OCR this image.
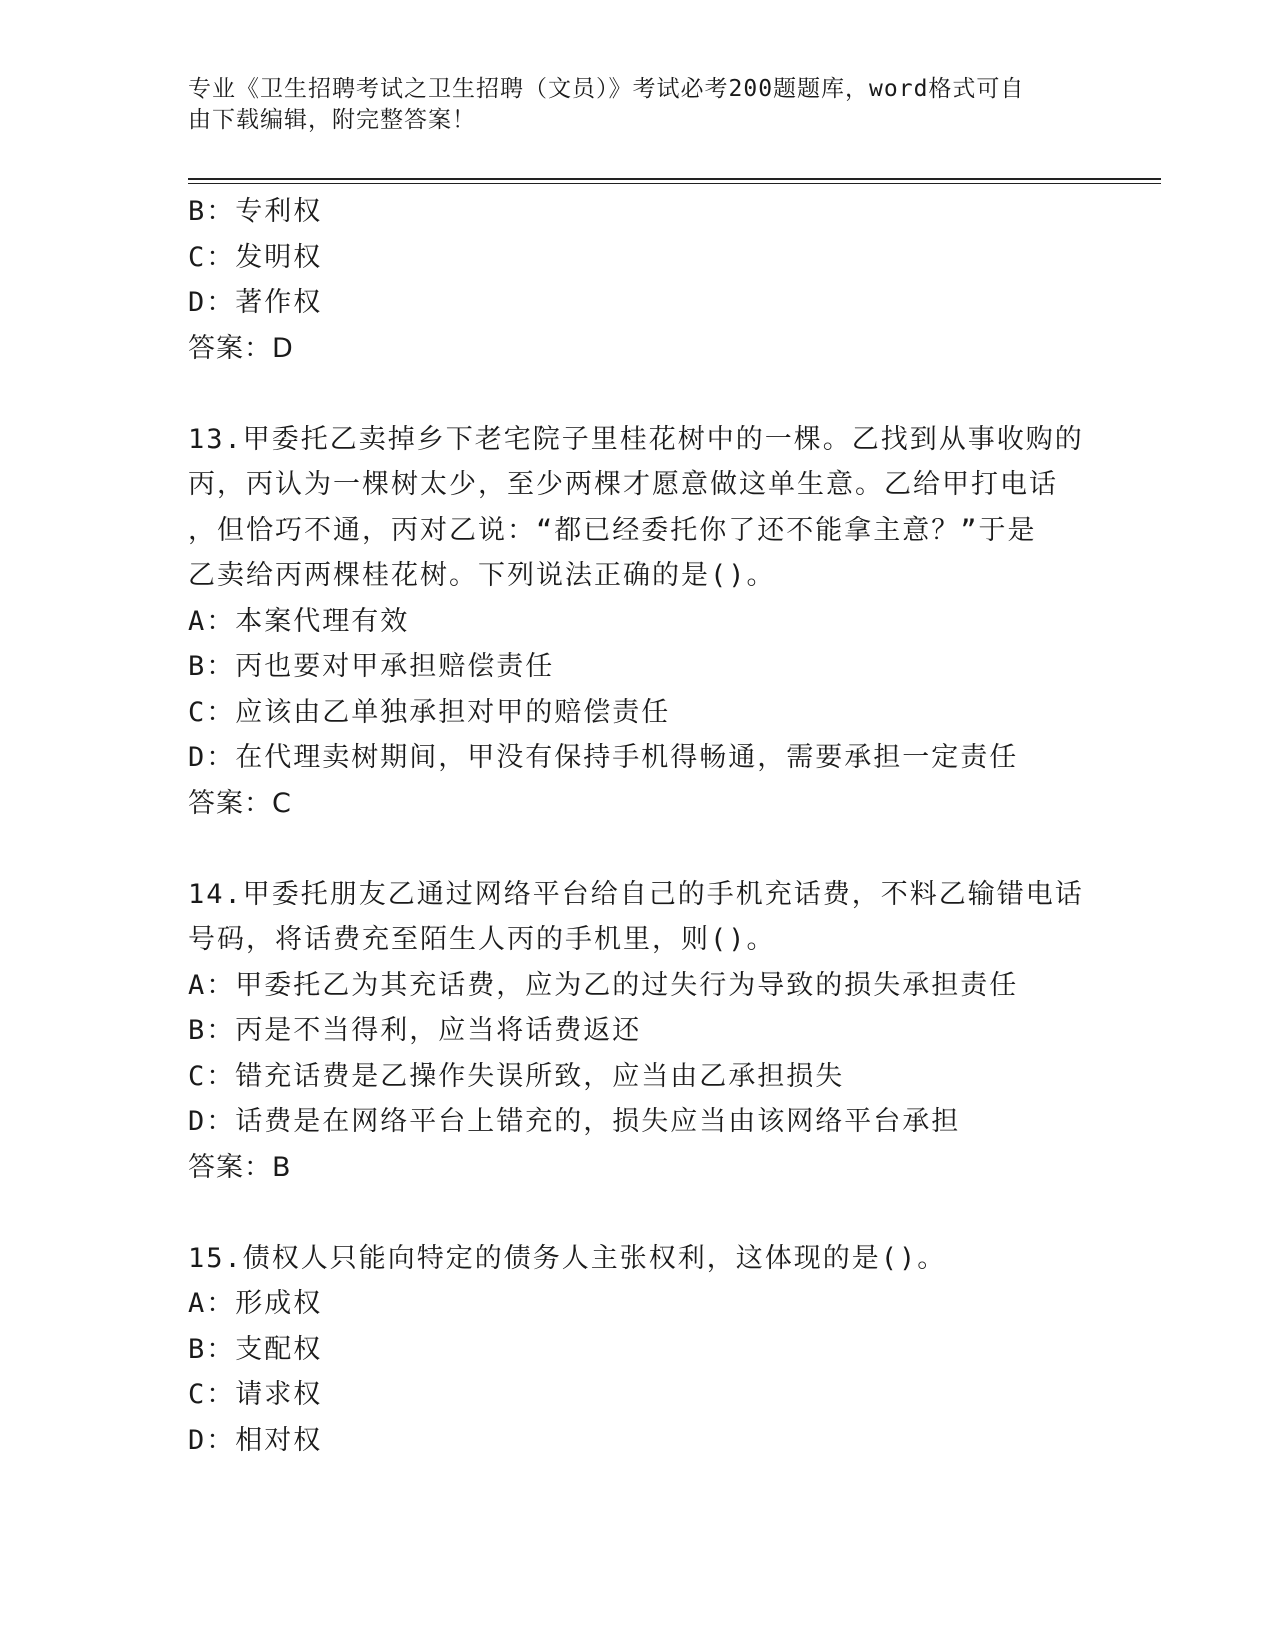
专业《卫生招聘考试之卫生招聘（文员）》考试必考200题题库，word格式可自
由下载编辑，附完整答案！
B：专利权
C：发明权
D：著作权
答案：D
13.甲委托乙卖掉乡下老宅院子里桂花树中的一棵。乙找到从事收购的
丙，丙认为一棵树太少，至少两棵才愿意做这单生意。乙给甲打电话
，但恰巧不通，丙对乙说：“都已经委托你了还不能拿主意？”于是
乙卖给丙两棵桂花树。下列说法正确的是()。
A：本案代理有效
B：丙也要对甲承担赔偿责任
C：应该由乙单独承担对甲的赔偿责任
D：在代理卖树期间，甲没有保持手机得畅通，需要承担一定责任
答案：C
14.甲委托朋友乙通过网络平台给自己的手机充话费，不料乙输错电话
号码，将话费充至陌生人丙的手机里，则()。
A：甲委托乙为其充话费，应为乙的过失行为导致的损失承担责任
B：丙是不当得利，应当将话费返还
C：错充话费是乙操作失误所致，应当由乙承担损失
D：话费是在网络平台上错充的，损失应当由该网络平台承担
答案：B
15.债权人只能向特定的债务人主张权利，这体现的是()。
A：形成权
B：支配权
C：请求权
D：相对权
